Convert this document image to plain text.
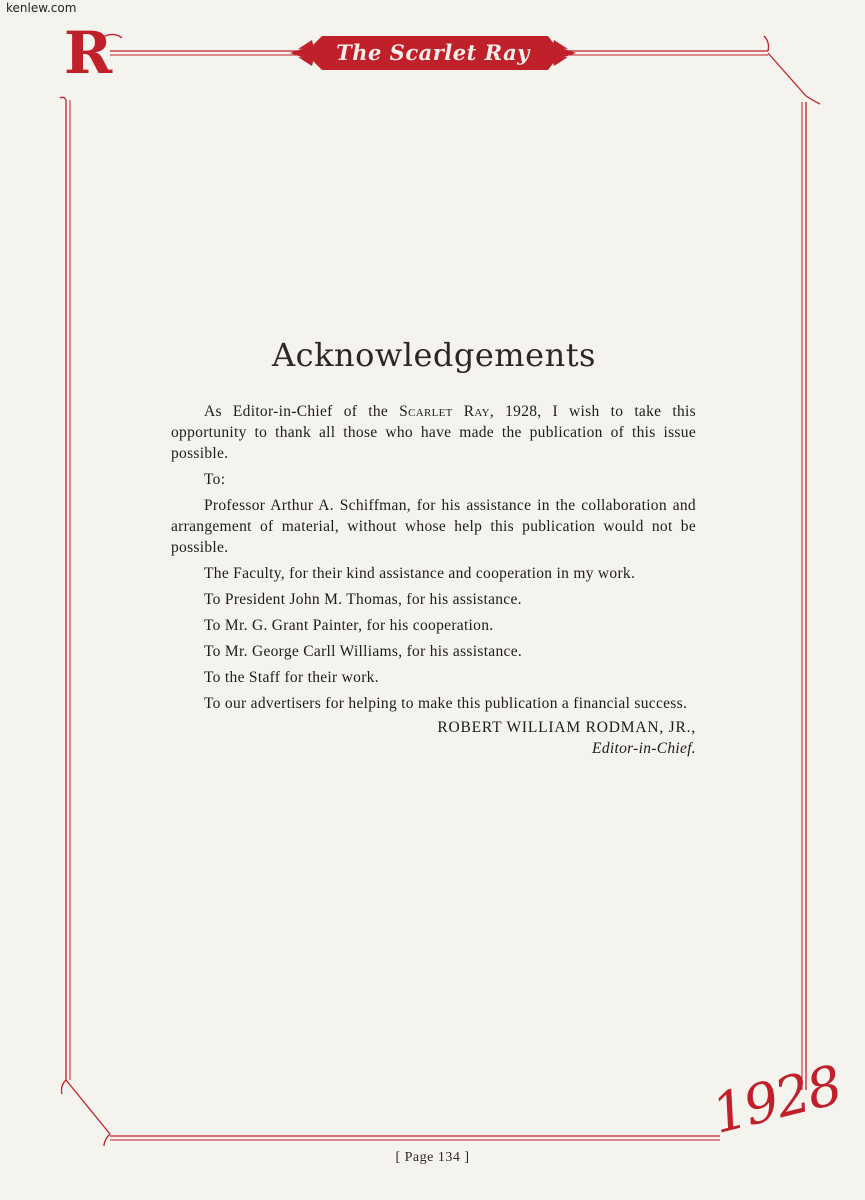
kenlew.com
The Scarlet Ray
R
1928
Acknowledgements

As Editor-in-Chief of the Scarlet Ray, 1928, I wish to take this opportunity to thank all those who have made the publication of this issue possible.

To:

Professor Arthur A. Schiffman, for his assistance in the collaboration and arrangement of material, without whose help this publication would not be possible.

The Faculty, for their kind assistance and cooperation in my work.

To President John M. Thomas, for his assistance.

To Mr. G. Grant Painter, for his cooperation.

To Mr. George Carll Williams, for his assistance.

To the Staff for their work.

To our advertisers for helping to make this publication a financial success.

ROBERT WILLIAM RODMAN, JR.,
Editor-in-Chief.
[ Page 134 ]
